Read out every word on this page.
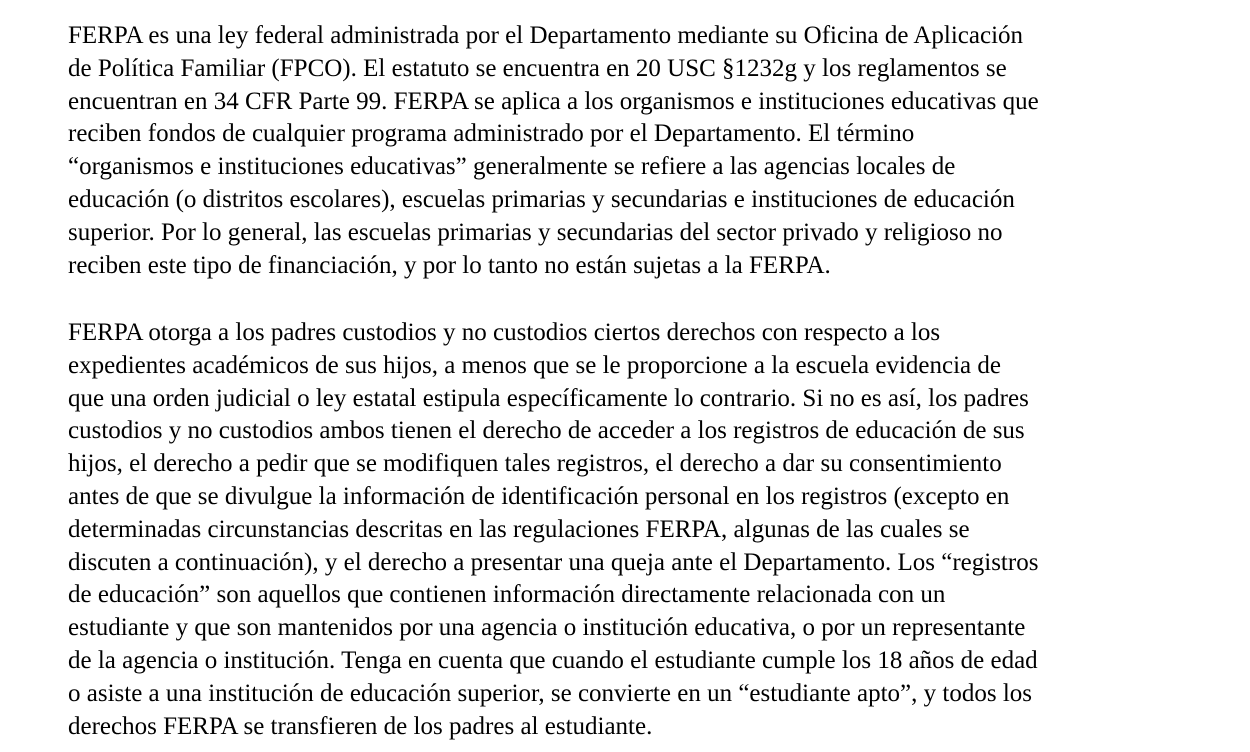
FERPA es una ley federal administrada por el Departamento mediante su Oficina de Aplicación
de Política Familiar (FPCO). El estatuto se encuentra en 20 USC §1232g y los reglamentos se
encuentran en 34 CFR Parte 99. FERPA se aplica a los organismos e instituciones educativas que
reciben fondos de cualquier programa administrado por el Departamento. El término
“organismos e instituciones educativas” generalmente se refiere a las agencias locales de
educación (o distritos escolares), escuelas primarias y secundarias e instituciones de educación
superior. Por lo general, las escuelas primarias y secundarias del sector privado y religioso no
reciben este tipo de financiación, y por lo tanto no están sujetas a la FERPA.

FERPA otorga a los padres custodios y no custodios ciertos derechos con respecto a los
expedientes académicos de sus hijos, a menos que se le proporcione a la escuela evidencia de
que una orden judicial o ley estatal estipula específicamente lo contrario. Si no es así, los padres
custodios y no custodios ambos tienen el derecho de acceder a los registros de educación de sus
hijos, el derecho a pedir que se modifiquen tales registros, el derecho a dar su consentimiento
antes de que se divulgue la información de identificación personal en los registros (excepto en
determinadas circunstancias descritas en las regulaciones FERPA, algunas de las cuales se
discuten a continuación), y el derecho a presentar una queja ante el Departamento. Los “registros
de educación” son aquellos que contienen información directamente relacionada con un
estudiante y que son mantenidos por una agencia o institución educativa, o por un representante
de la agencia o institución. Tenga en cuenta que cuando el estudiante cumple los 18 años de edad
o asiste a una institución de educación superior, se convierte en un “estudiante apto”, y todos los
derechos FERPA se transfieren de los padres al estudiante.
